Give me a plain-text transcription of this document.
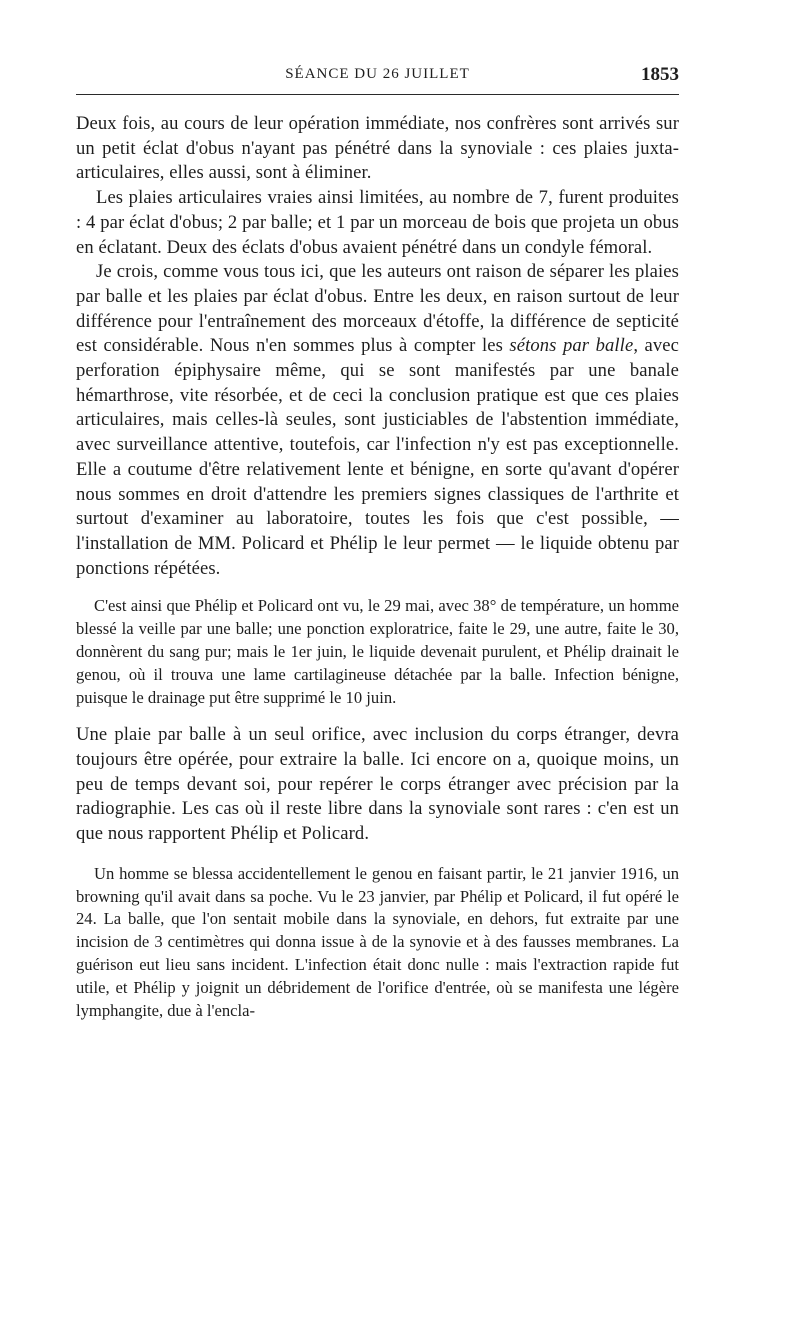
SÉANCE DU 26 JUILLET	1853

Deux fois, au cours de leur opération immédiate, nos confrères sont arrivés sur un petit éclat d'obus n'ayant pas pénétré dans la synoviale : ces plaies juxta-articulaires, elles aussi, sont à éliminer.

Les plaies articulaires vraies ainsi limitées, au nombre de 7, furent produites : 4 par éclat d'obus; 2 par balle; et 1 par un morceau de bois que projeta un obus en éclatant. Deux des éclats d'obus avaient pénétré dans un condyle fémoral.

Je crois, comme vous tous ici, que les auteurs ont raison de séparer les plaies par balle et les plaies par éclat d'obus. Entre les deux, en raison surtout de leur différence pour l'entraînement des morceaux d'étoffe, la différence de septicité est considérable. Nous n'en sommes plus à compter les sétons par balle, avec perforation épiphysaire même, qui se sont manifestés par une banale hémarthrose, vite résorbée, et de ceci la conclusion pratique est que ces plaies articulaires, mais celles-là seules, sont justiciables de l'abstention immédiate, avec surveillance attentive, toutefois, car l'infection n'y est pas exceptionnelle. Elle a coutume d'être relativement lente et bénigne, en sorte qu'avant d'opérer nous sommes en droit d'attendre les premiers signes classiques de l'arthrite et surtout d'examiner au laboratoire, toutes les fois que c'est possible, — l'installation de MM. Policard et Phélip le leur permet — le liquide obtenu par ponctions répétées.

C'est ainsi que Phélip et Policard ont vu, le 29 mai, avec 38° de température, un homme blessé la veille par une balle; une ponction exploratrice, faite le 29, une autre, faite le 30, donnèrent du sang pur; mais le 1er juin, le liquide devenait purulent, et Phélip drainait le genou, où il trouva une lame cartilagineuse détachée par la balle. Infection bénigne, puisque le drainage put être supprimé le 10 juin.

Une plaie par balle à un seul orifice, avec inclusion du corps étranger, devra toujours être opérée, pour extraire la balle. Ici encore on a, quoique moins, un peu de temps devant soi, pour repérer le corps étranger avec précision par la radiographie. Les cas où il reste libre dans la synoviale sont rares : c'en est un que nous rapportent Phélip et Policard.

Un homme se blessa accidentellement le genou en faisant partir, le 21 janvier 1916, un browning qu'il avait dans sa poche. Vu le 23 janvier, par Phélip et Policard, il fut opéré le 24. La balle, que l'on sentait mobile dans la synoviale, en dehors, fut extraite par une incision de 3 centimètres qui donna issue à de la synovie et à des fausses membranes. La guérison eut lieu sans incident. L'infection était donc nulle : mais l'extraction rapide fut utile, et Phélip y joignit un débridement de l'orifice d'entrée, où se manifesta une légère lymphangite, due à l'encla-
